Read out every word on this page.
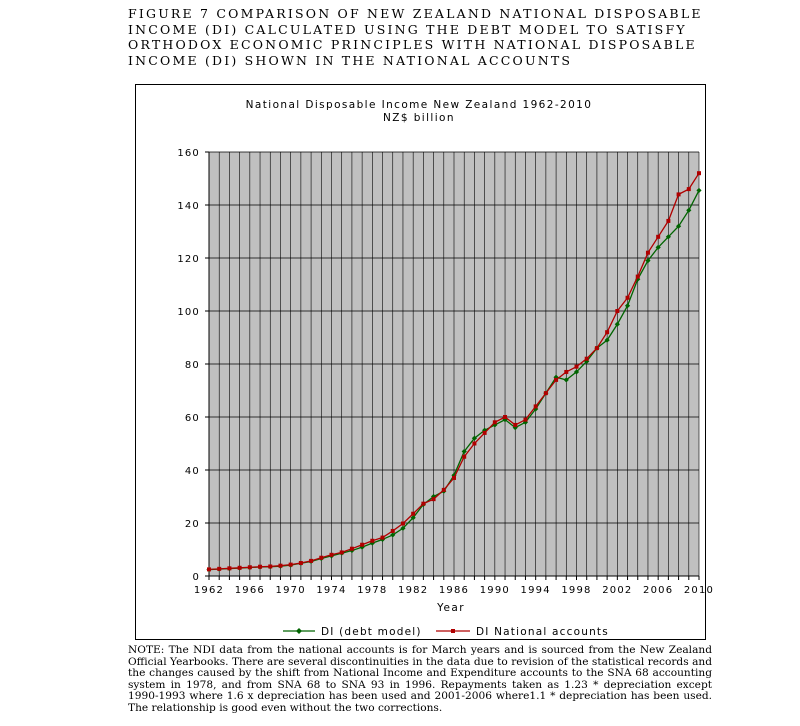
FIGURE 7 COMPARISON OF NEW ZEALAND NATIONAL DISPOSABLE
INCOME (DI) CALCULATED USING THE DEBT MODEL TO SATISFY
ORTHODOX ECONOMIC PRINCIPLES WITH NATIONAL DISPOSABLE
INCOME (DI) SHOWN IN THE NATIONAL ACCOUNTS
National Disposable Income New Zealand 1962-2010
NZ$ billion
0
20
40
60
80
100
120
140
160
1962 1966 1970 1974 1978 1982 1986 1990 1994 1998 2002 2006 2010
Year
DI (debt model)	DI National accounts
NOTE: The NDI data from the national accounts is for March years and is sourced from the New Zealand Official Yearbooks. There are several discontinuities in the data due to revision of the statistical records and the changes caused by the shift from National Income and Expenditure accounts to the SNA 68 accounting system in 1978, and from SNA 68 to SNA 93 in 1996. Repayments taken as 1.23 * depreciation except 1990-1993 where 1.6 x depreciation has been used and 2001-2006 where1.1 * depreciation has been used. The relationship is good even without the two corrections.
